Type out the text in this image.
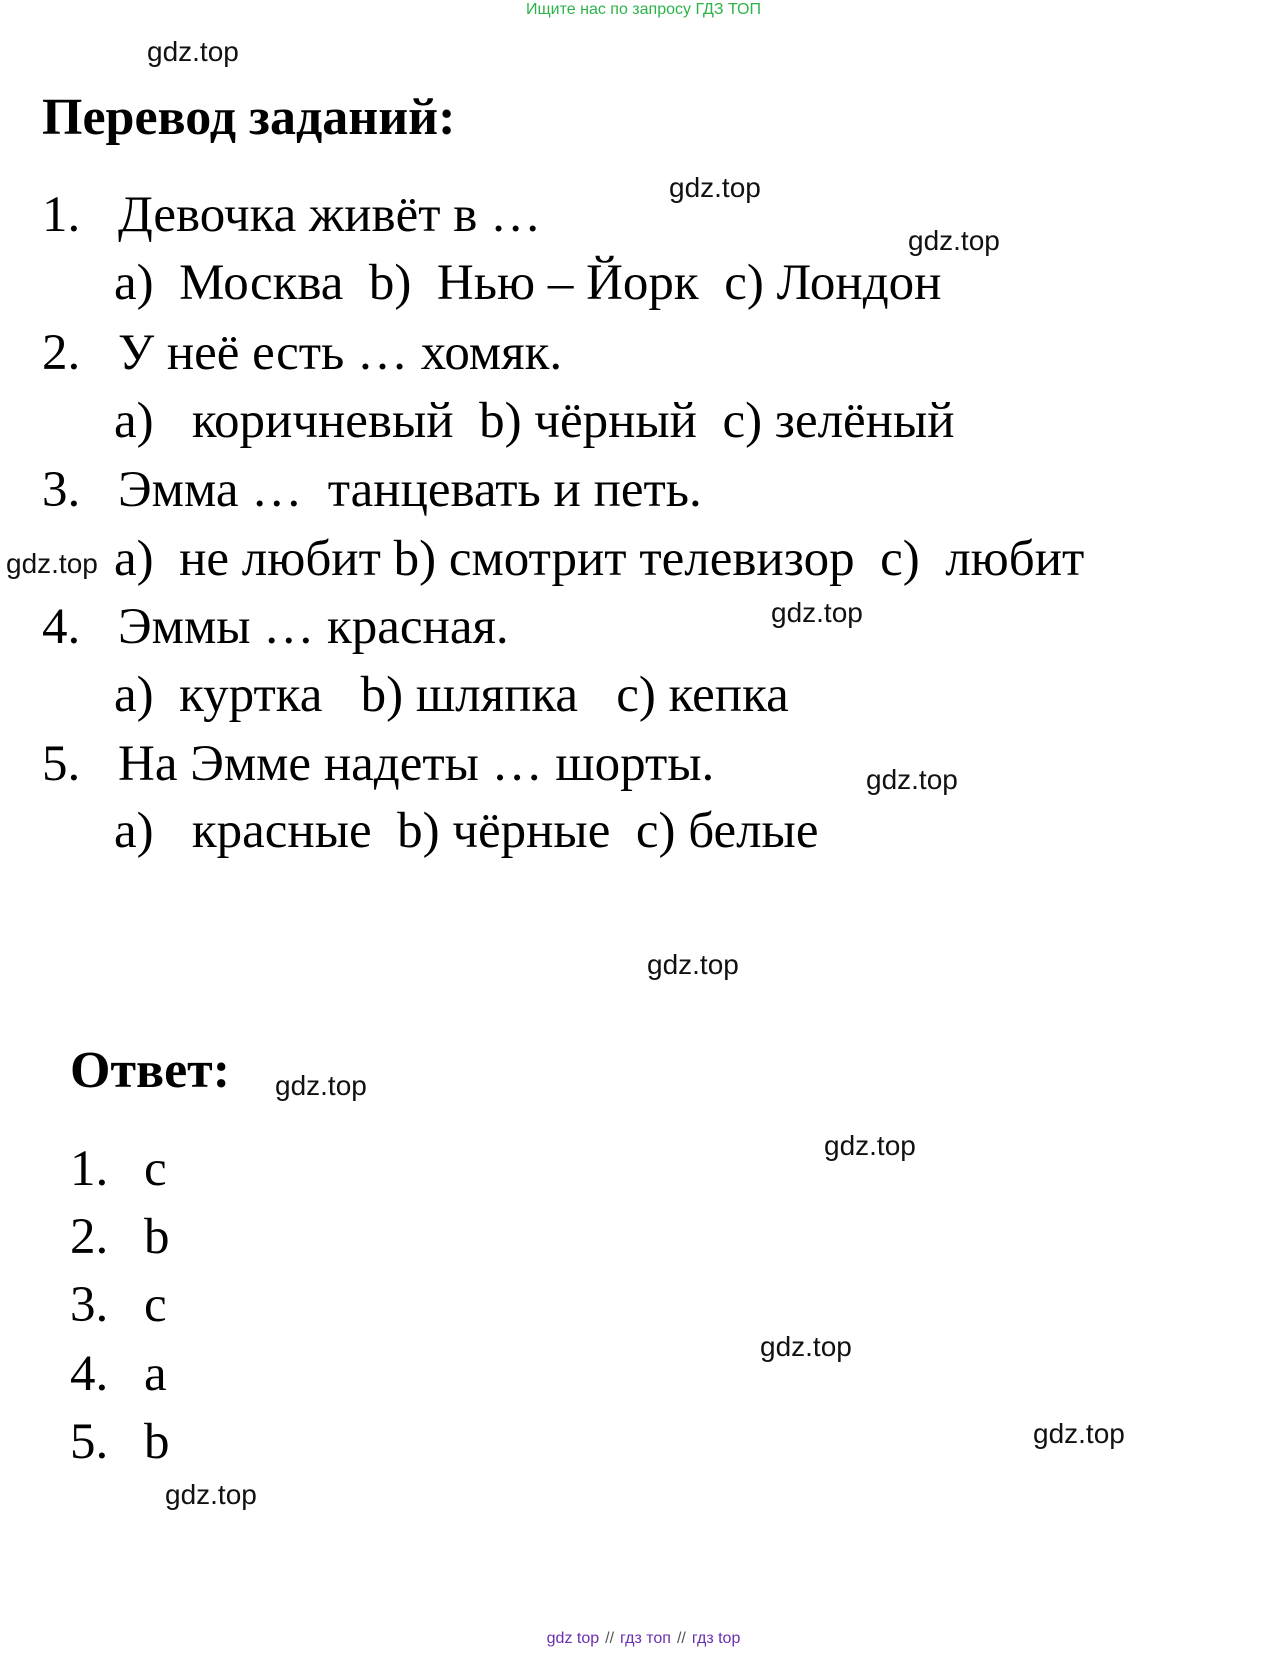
Ищите нас по запросу ГДЗ ТОП
Перевод заданий:
1. Девочка живёт в …
a)  Москва  b)  Нью – Йорк  c) Лондон
2. У неё есть … хомяк.
a)   коричневый  b) чёрный  c) зелёный
3. Эмма …  танцевать и петь.
a)  не любит b) смотрит телевизор  c)  любит
4. Эммы … красная.
a)  куртка   b) шляпка   c) кепка
5. На Эмме надеты … шорты.
a)   красные  b) чёрные  c) белые
Ответ:
1. c
2. b
3. c
4. a
5. b
gdz.top
gdz.top
gdz.top
gdz.top
gdz.top
gdz.top
gdz.top
gdz.top
gdz.top
gdz.top
gdz.top
gdz.top
gdz top // гдз топ // гдз top
